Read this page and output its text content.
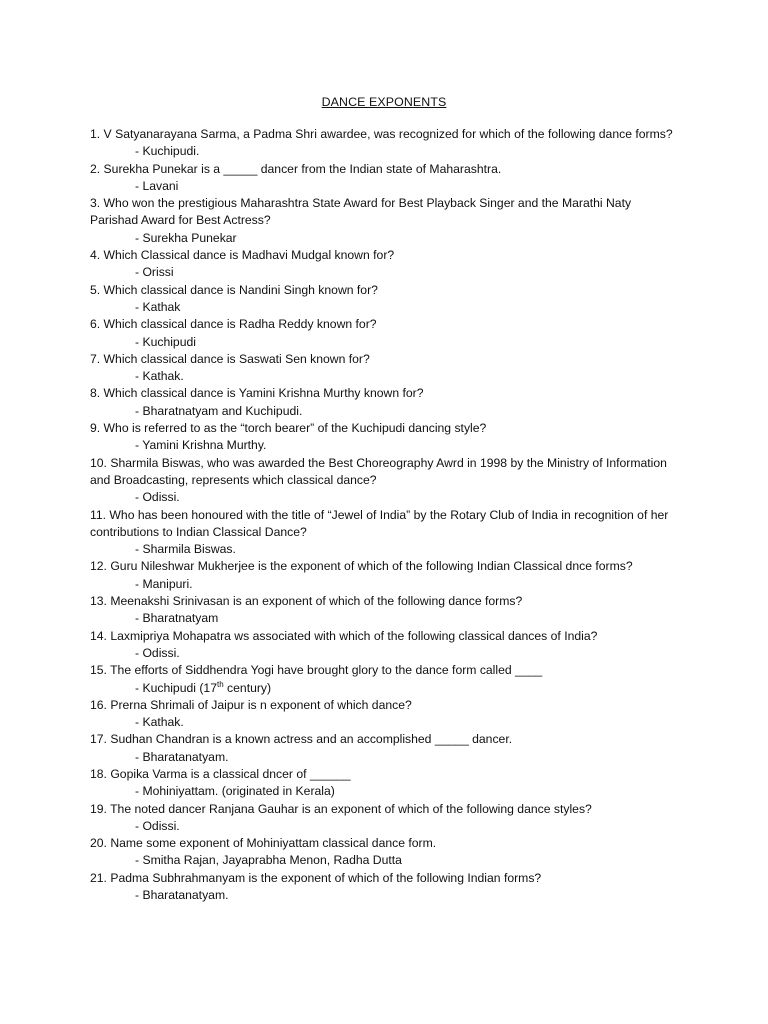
DANCE EXPONENTS

1. V Satyanarayana Sarma, a Padma Shri awardee, was recognized for which of the following dance forms?

- Kuchipudi.

2. Surekha Punekar is a _____ dancer from the Indian state of Maharashtra.

- Lavani

3. Who won the prestigious Maharashtra State Award for Best Playback Singer and the Marathi Naty Parishad Award for Best Actress?

- Surekha Punekar

4. Which Classical dance is Madhavi Mudgal known for?

- Orissi

5. Which classical dance is Nandini Singh known for?

- Kathak

6. Which classical dance is Radha Reddy known for?

- Kuchipudi

7. Which classical dance is Saswati Sen known for?

- Kathak.

8. Which classical dance is Yamini Krishna Murthy known for?

- Bharatnatyam and Kuchipudi.

9. Who is referred to as the “torch bearer” of the Kuchipudi dancing style?

- Yamini Krishna Murthy.

10. Sharmila Biswas, who was awarded the Best Choreography Awrd in 1998 by the Ministry of Information and Broadcasting, represents which classical dance?

- Odissi.

11. Who has been honoured with the title of “Jewel of India” by the Rotary Club of India in recognition of her contributions to Indian Classical Dance?

- Sharmila Biswas.

12. Guru Nileshwar Mukherjee is the exponent of which of the following Indian Classical dnce forms?

- Manipuri.

13. Meenakshi Srinivasan is an exponent of which of the following dance forms?

- Bharatnatyam

14. Laxmipriya Mohapatra ws associated with which of the following classical dances of India?

- Odissi.

15. The efforts of Siddhendra Yogi have brought glory to the dance form called ____

- Kuchipudi (17th century)

16. Prerna Shrimali of Jaipur is n exponent of which dance?

- Kathak.

17. Sudhan Chandran is a known actress and an accomplished _____ dancer.

- Bharatanatyam.

18. Gopika Varma is a classical dncer of ______

- Mohiniyattam. (originated in Kerala)

19. The noted dancer Ranjana Gauhar is an exponent of which of the following dance styles?

- Odissi.

20. Name some exponent of Mohiniyattam classical dance form.

- Smitha Rajan, Jayaprabha Menon, Radha Dutta

21. Padma Subhrahmanyam is the exponent of which of the following Indian forms?

- Bharatanatyam.
